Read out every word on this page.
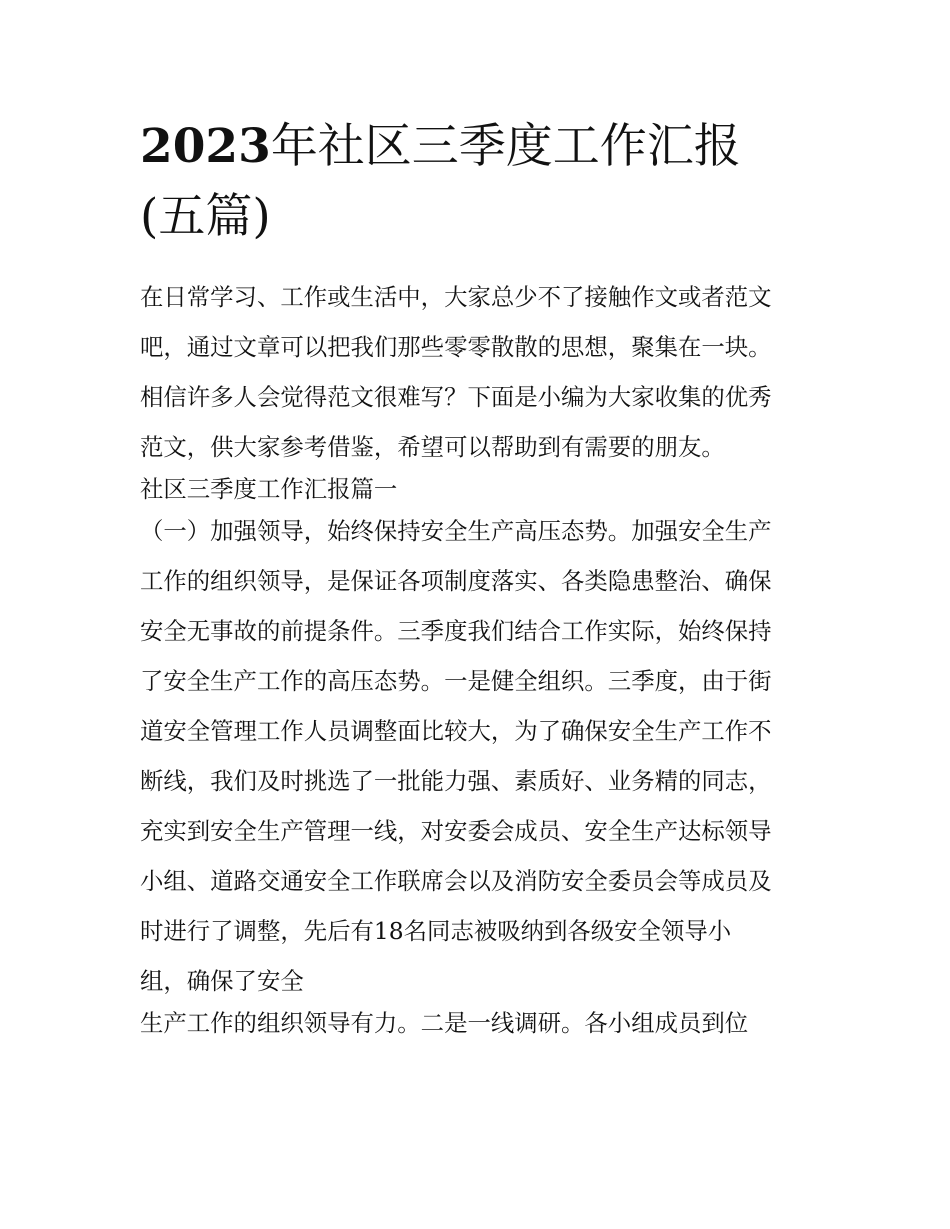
2023年社区三季度工作汇报
(五篇)
在日常学习、工作或生活中，大家总少不了接触作文或者范文
吧，通过文章可以把我们那些零零散散的思想，聚集在一块。
相信许多人会觉得范文很难写？下面是小编为大家收集的优秀
范文，供大家参考借鉴，希望可以帮助到有需要的朋友。
社区三季度工作汇报篇一
（一）加强领导，始终保持安全生产高压态势。加强安全生产
工作的组织领导，是保证各项制度落实、各类隐患整治、确保
安全无事故的前提条件。三季度我们结合工作实际，始终保持
了安全生产工作的高压态势。一是健全组织。三季度，由于街
道安全管理工作人员调整面比较大，为了确保安全生产工作不
断线，我们及时挑选了一批能力强、素质好、业务精的同志，
充实到安全生产管理一线，对安委会成员、安全生产达标领导
小组、道路交通安全工作联席会以及消防安全委员会等成员及
时进行了调整，先后有18名同志被吸纳到各级安全领导小
组，确保了安全
生产工作的组织领导有力。二是一线调研。各小组成员到位
